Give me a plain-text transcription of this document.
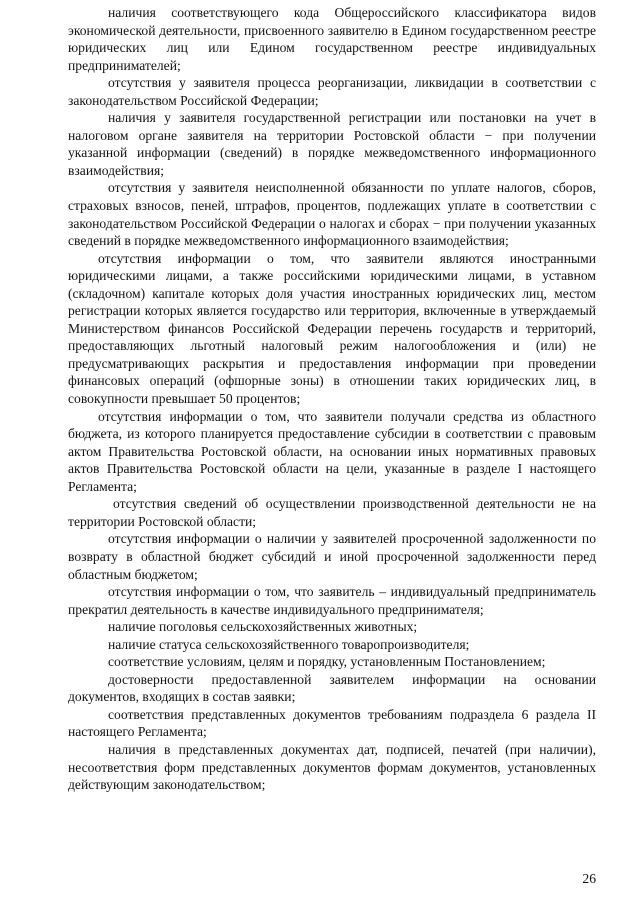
наличия соответствующего кода Общероссийского классификатора видов экономической деятельности, присвоенного заявителю в Едином государственном реестре юридических лиц или Едином государственном реестре индивидуальных предпринимателей;

отсутствия у заявителя процесса реорганизации, ликвидации в соответствии с законодательством Российской Федерации;

наличия у заявителя государственной регистрации или постановки на учет в налоговом органе заявителя на территории Ростовской области − при получении указанной информации (сведений) в порядке межведомственного информационного взаимодействия;

отсутствия у заявителя неисполненной обязанности по уплате налогов, сборов, страховых взносов, пеней, штрафов, процентов, подлежащих уплате в соответствии с законодательством Российской Федерации о налогах и сборах − при получении указанных сведений в порядке межведомственного информационного взаимодействия;

отсутствия информации о том, что заявители являются иностранными юридическими лицами, а также российскими юридическими лицами, в уставном (складочном) капитале которых доля участия иностранных юридических лиц, местом регистрации которых является государство или территория, включенные в утверждаемый Министерством финансов Российской Федерации перечень государств и территорий, предоставляющих льготный налоговый режим налогообложения и (или) не предусматривающих раскрытия и предоставления информации при проведении финансовых операций (офшорные зоны) в отношении таких юридических лиц, в совокупности превышает 50 процентов;

отсутствия информации о том, что заявители получали средства из областного бюджета, из которого планируется предоставление субсидии в соответствии с правовым актом Правительства Ростовской области, на основании иных нормативных правовых актов Правительства Ростовской области на цели, указанные в разделе I настоящего Регламента;

отсутствия сведений об осуществлении производственной деятельности не на территории Ростовской области;

отсутствия информации о наличии у заявителей просроченной задолженности по возврату в областной бюджет субсидий и иной просроченной задолженности перед областным бюджетом;

отсутствия информации о том, что заявитель – индивидуальный предприниматель прекратил деятельность в качестве индивидуального предпринимателя;

наличие поголовья сельскохозяйственных животных;

наличие статуса сельскохозяйственного товаропроизводителя;

соответствие условиям, целям и порядку, установленным Постановлением;

достоверности предоставленной заявителем информации на основании документов, входящих в состав заявки;

соответствия представленных документов требованиям подраздела 6 раздела II настоящего Регламента;

наличия в представленных документах дат, подписей, печатей (при наличии), несоответствия форм представленных документов формам документов, установленных действующим законодательством;

26
